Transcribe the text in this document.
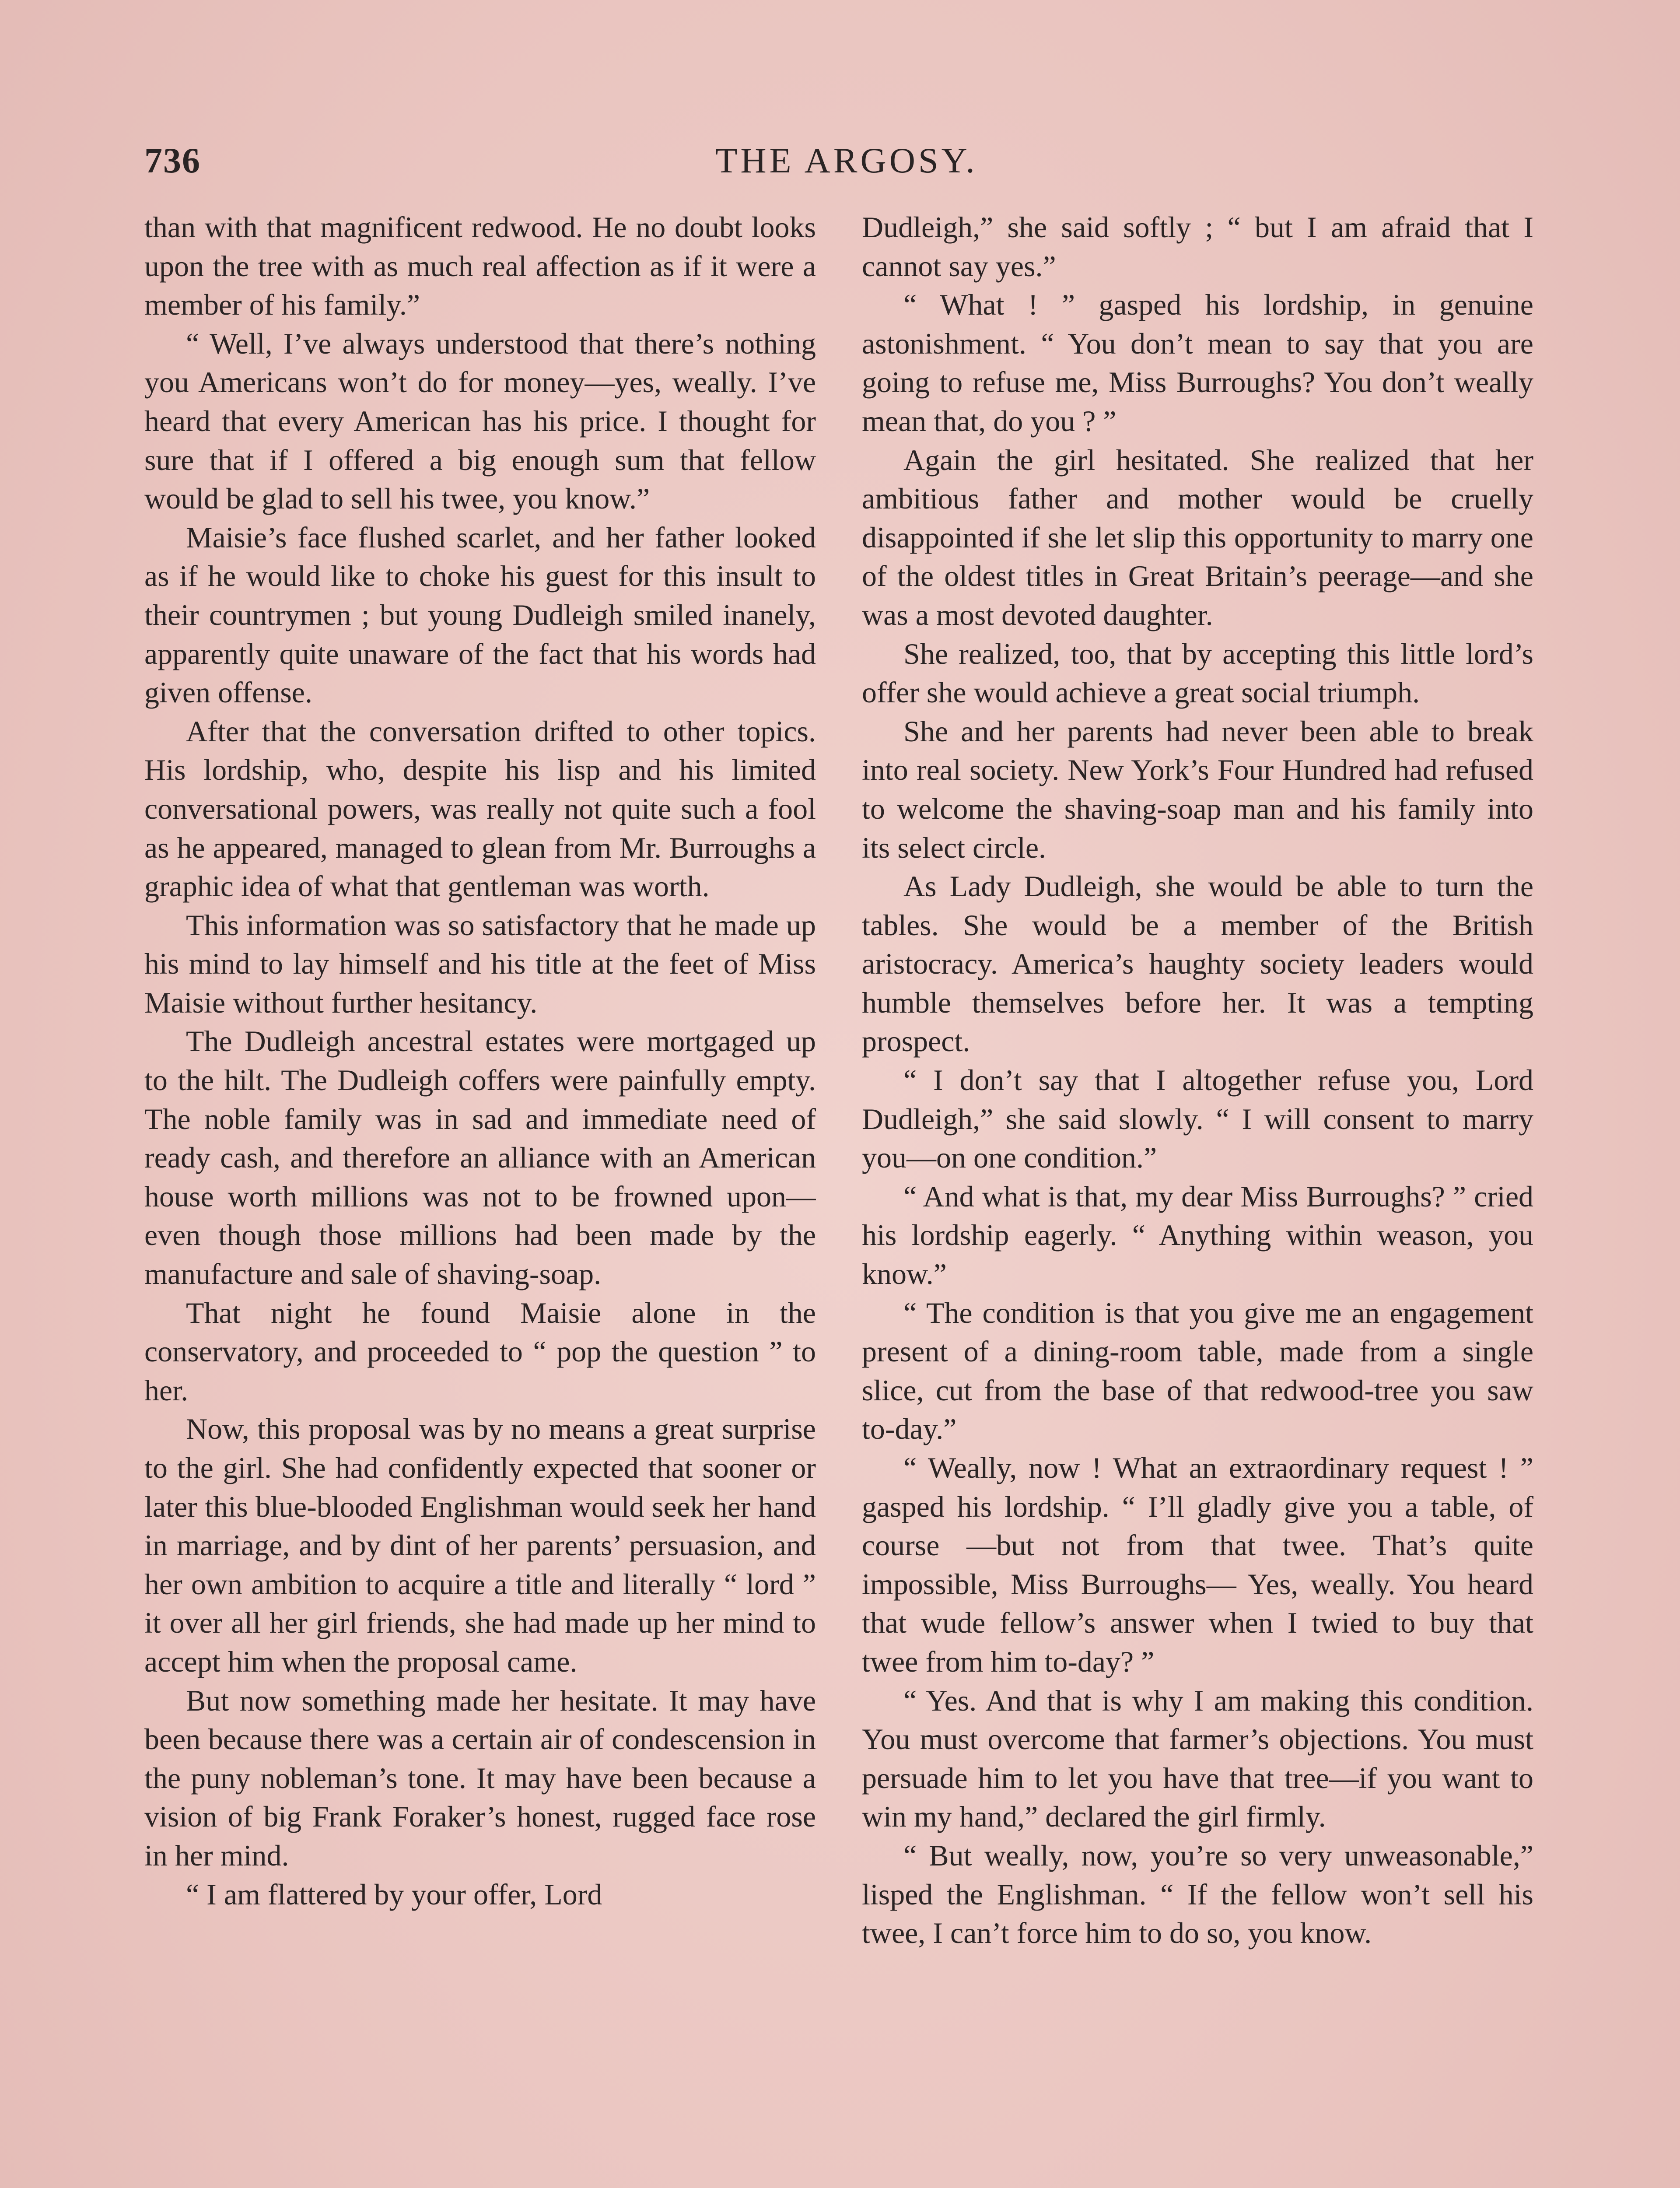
736	THE ARGOSY.

than with that magnificent redwood. He no doubt looks upon the tree with as much real affection as if it were a member of his family.”

“ Well, I’ve always understood that there’s nothing you Americans won’t do for money—yes, weally. I’ve heard that every American has his price. I thought for sure that if I offered a big enough sum that fellow would be glad to sell his twee, you know.”

Maisie’s face flushed scarlet, and her father looked as if he would like to choke his guest for this insult to their countrymen ; but young Dudleigh smiled inanely, apparently quite unaware of the fact that his words had given offense.

After that the conversation drifted to other topics. His lordship, who, despite his lisp and his limited conversational powers, was really not quite such a fool as he appeared, managed to glean from Mr. Burroughs a graphic idea of what that gentleman was worth.

This information was so satisfactory that he made up his mind to lay himself and his title at the feet of Miss Maisie without further hesitancy.

The Dudleigh ancestral estates were mortgaged up to the hilt. The Dudleigh coffers were painfully empty. The noble family was in sad and immediate need of ready cash, and therefore an alliance with an American house worth millions was not to be frowned upon—even though those millions had been made by the manufacture and sale of shaving-soap.

That night he found Maisie alone in the conservatory, and proceeded to “ pop the question ” to her.

Now, this proposal was by no means a great surprise to the girl. She had confidently expected that sooner or later this blue-blooded Englishman would seek her hand in marriage, and by dint of her parents’ persuasion, and her own ambition to acquire a title and literally “ lord ” it over all her girl friends, she had made up her mind to accept him when the proposal came.

But now something made her hesitate. It may have been because there was a certain air of condescension in the puny nobleman’s tone. It may have been because a vision of big Frank Foraker’s honest, rugged face rose in her mind.

“ I am flattered by your offer, Lord

Dudleigh,” she said softly ; “ but I am afraid that I cannot say yes.”

“ What ! ” gasped his lordship, in genuine astonishment. “ You don’t mean to say that you are going to refuse me, Miss Burroughs? You don’t weally mean that, do you ? ”

Again the girl hesitated. She realized that her ambitious father and mother would be cruelly disappointed if she let slip this opportunity to marry one of the oldest titles in Great Britain’s peerage—and she was a most devoted daughter.

She realized, too, that by accepting this little lord’s offer she would achieve a great social triumph.

She and her parents had never been able to break into real society. New York’s Four Hundred had refused to welcome the shaving-soap man and his family into its select circle.

As Lady Dudleigh, she would be able to turn the tables. She would be a member of the British aristocracy. America’s haughty society leaders would humble themselves before her. It was a tempting prospect.

“ I don’t say that I altogether refuse you, Lord Dudleigh,” she said slowly. “ I will consent to marry you—on one condition.”

“ And what is that, my dear Miss Burroughs? ” cried his lordship eagerly. “ Anything within weason, you know.”

“ The condition is that you give me an engagement present of a dining-room table, made from a single slice, cut from the base of that redwood-tree you saw to-day.”

“ Weally, now ! What an extraordinary request ! ” gasped his lordship. “ I’ll gladly give you a table, of course —but not from that twee. That’s quite impossible, Miss Burroughs— Yes, weally. You heard that wude fellow’s answer when I twied to buy that twee from him to-day? ”

“ Yes. And that is why I am making this condition. You must overcome that farmer’s objections. You must persuade him to let you have that tree—if you want to win my hand,” declared the girl firmly.

“ But weally, now, you’re so very unweasonable,” lisped the Englishman. “ If the fellow won’t sell his twee, I can’t force him to do so, you know.
